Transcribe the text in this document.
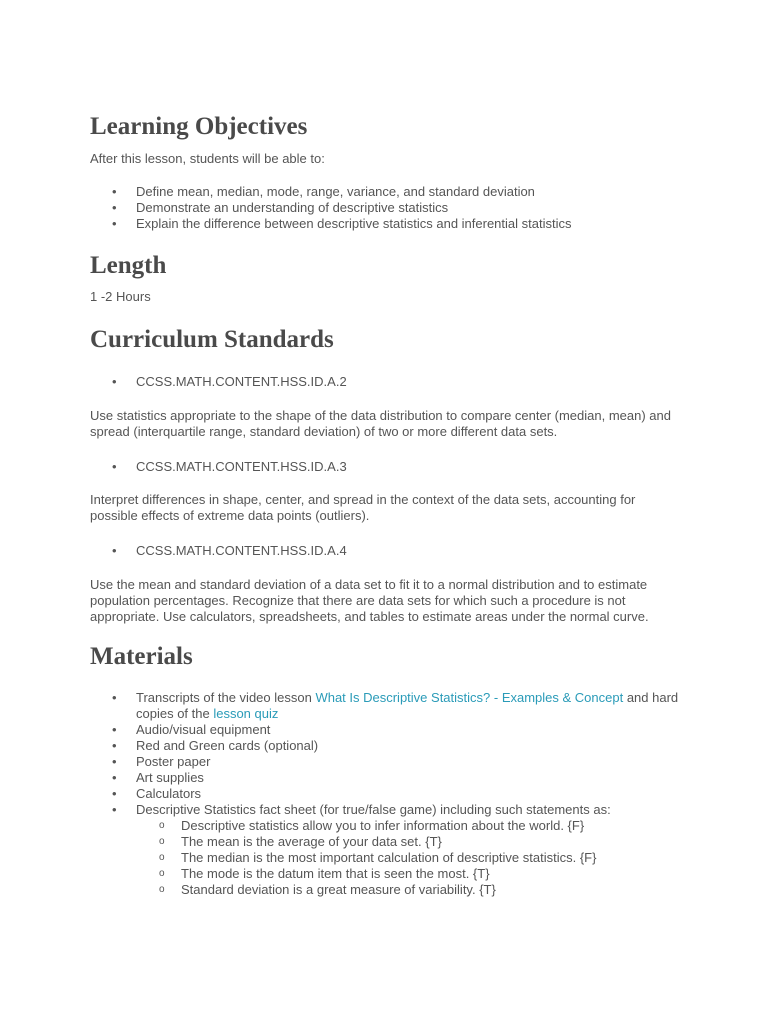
Learning Objectives

After this lesson, students will be able to:

• Define mean, median, mode, range, variance, and standard deviation
• Demonstrate an understanding of descriptive statistics
• Explain the difference between descriptive statistics and inferential statistics
Length

1 -2 Hours

Curriculum Standards
• CCSS.MATH.CONTENT.HSS.ID.A.2

Use statistics appropriate to the shape of the data distribution to compare center (median, mean) and spread (interquartile range, standard deviation) of two or more different data sets.

• CCSS.MATH.CONTENT.HSS.ID.A.3

Interpret differences in shape, center, and spread in the context of the data sets, accounting for possible effects of extreme data points (outliers).

• CCSS.MATH.CONTENT.HSS.ID.A.4

Use the mean and standard deviation of a data set to fit it to a normal distribution and to estimate population percentages. Recognize that there are data sets for which such a procedure is not appropriate. Use calculators, spreadsheets, and tables to estimate areas under the normal curve.

Materials
• Transcripts of the video lesson What Is Descriptive Statistics? - Examples & Concept and hard copies of the lesson quiz
• Audio/visual equipment
• Red and Green cards (optional)
• Poster paper
• Art supplies
• Calculators
• Descriptive Statistics fact sheet (for true/false game) including such statements as:
o Descriptive statistics allow you to infer information about the world. {F}
o The mean is the average of your data set. {T}
o The median is the most important calculation of descriptive statistics. {F}
o The mode is the datum item that is seen the most. {T}
o Standard deviation is a great measure of variability. {T}
